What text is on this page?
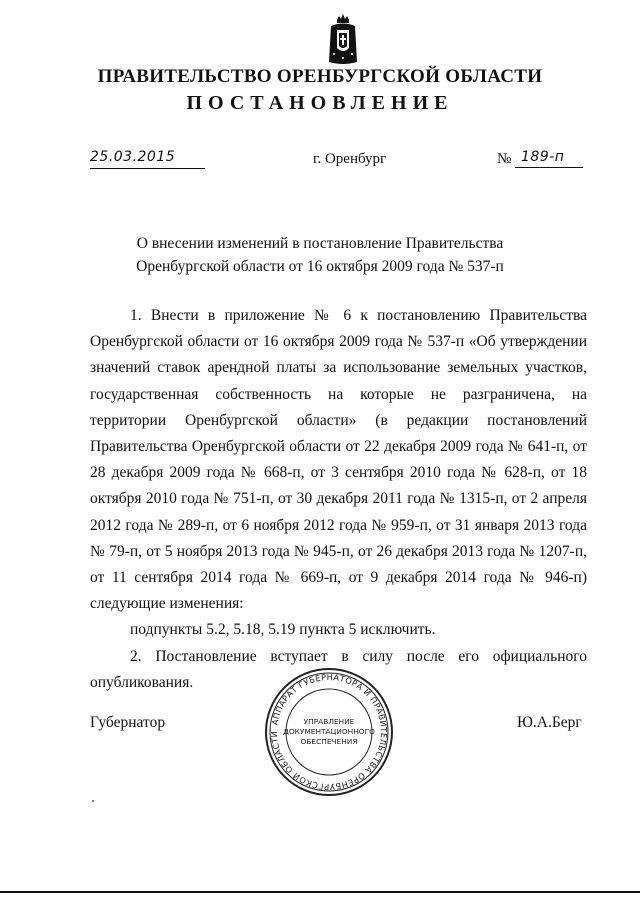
ПРАВИТЕЛЬСТВО ОРЕНБУРГСКОЙ ОБЛАСТИ
ПОСТАНОВЛЕНИЕ
25.03.2015	г. Оренбург	№ 189-п
О внесении изменений в постановление Правительства
Оренбургской области от 16 октября 2009 года № 537-п

1. Внести в приложение № 6 к постановлению Правительства Оренбургской области от 16 октября 2009 года № 537-п «Об утверждении значений ставок арендной платы за использование земельных участков, государственная собственность на которые не разграничена, на территории Оренбургской области» (в редакции постановлений Правительства Оренбургской области от 22 декабря 2009 года № 641-п, от 28 декабря 2009 года № 668-п, от 3 сентября 2010 года № 628-п, от 18 октября 2010 года № 751-п, от 30 декабря 2011 года № 1315-п, от 2 апреля 2012 года № 289-п, от 6 ноября 2012 года № 959-п, от 31 января 2013 года № 79-п, от 5 ноября 2013 года № 945-п, от 26 декабря 2013 года № 1207-п, от 11 сентября 2014 года № 669-п, от 9 декабря 2014 года № 946-п) следующие изменения:

подпункты 5.2, 5.18, 5.19 пункта 5 исключить.

2. Постановление вступает в силу после его официального опубликования.

Губернатор	Ю.А.Берг
АППАРАТ ГУБЕРНАТОРА И ПРАВИТЕЛЬСТВА ОРЕНБУРГСКОЙ ОБЛАСТИ
УПРАВЛЕНИЕ
ДОКУМЕНТАЦИОННОГО
ОБЕСПЕЧЕНИЯ
